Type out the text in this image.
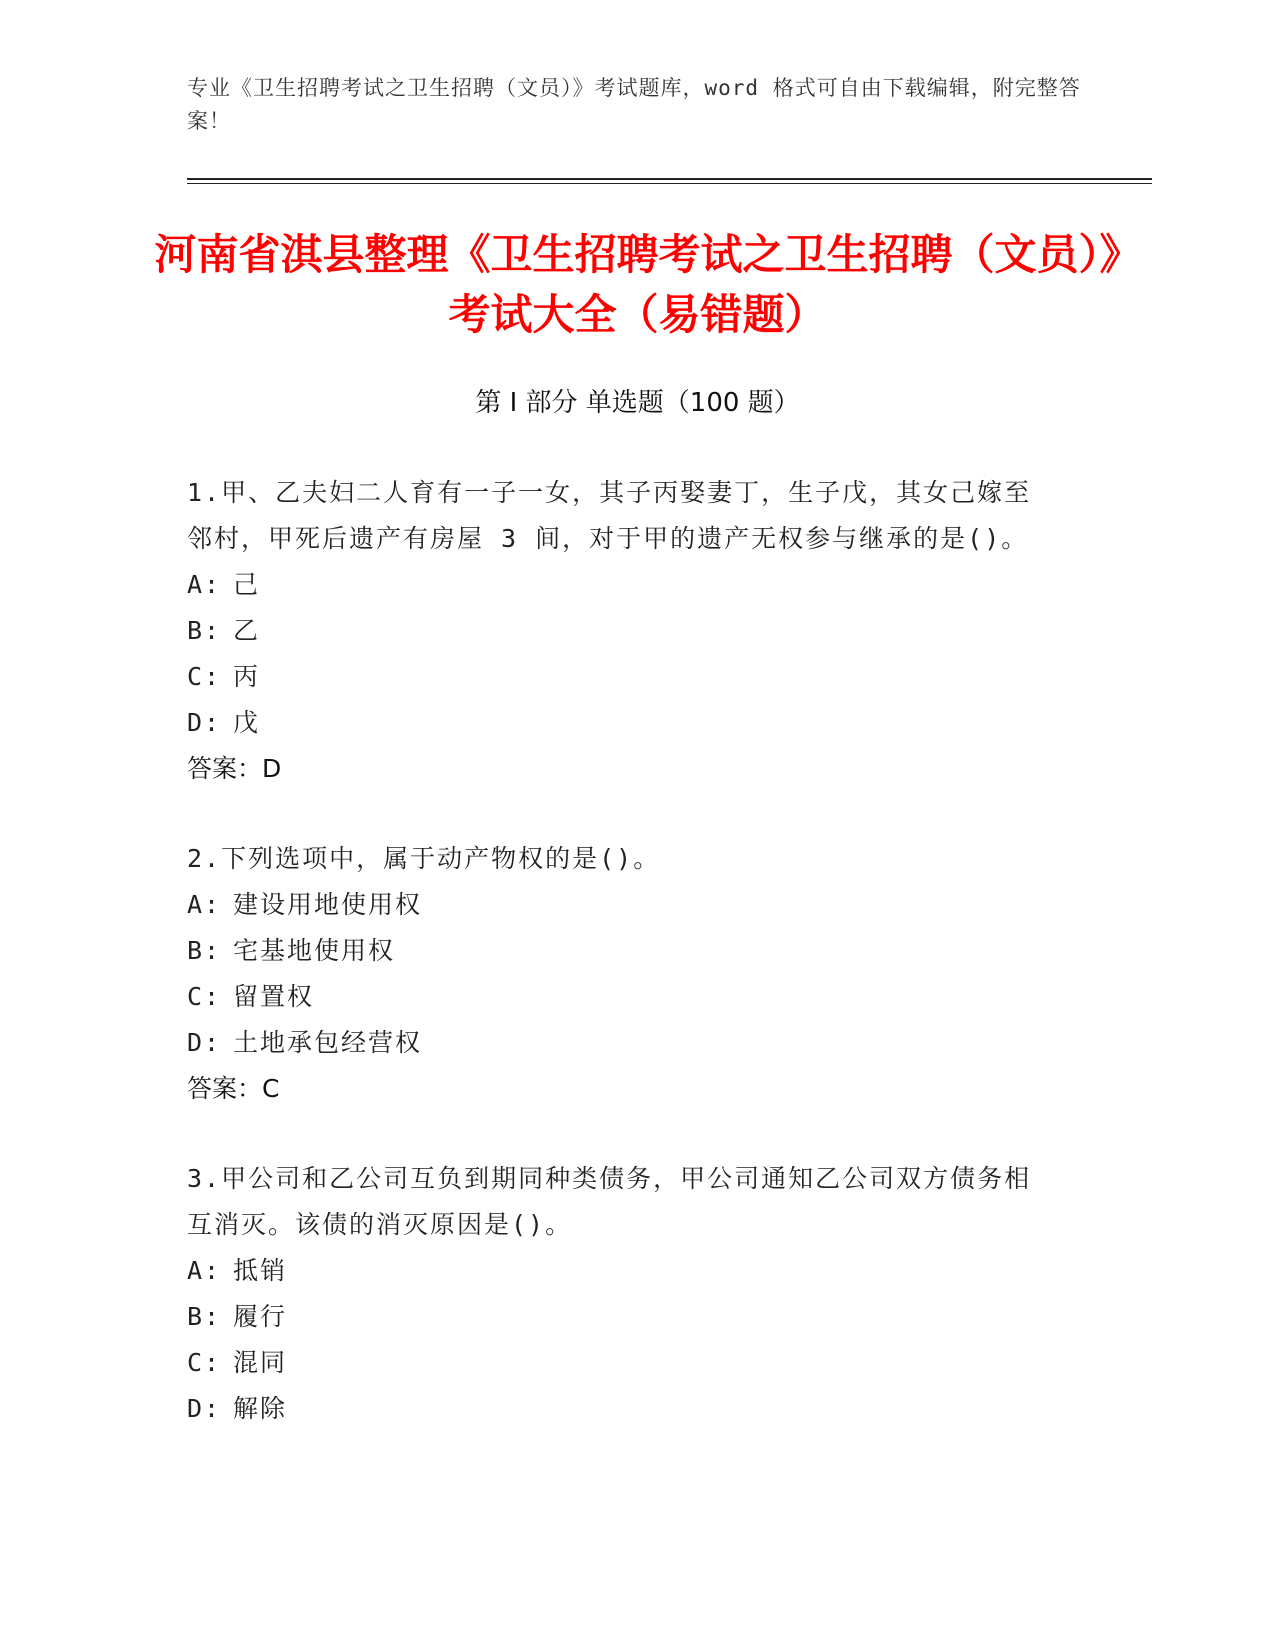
专业《卫生招聘考试之卫生招聘（文员）》考试题库，word 格式可自由下载编辑，附完整答案！
河南省淇县整理《卫生招聘考试之卫生招聘（文员）》考试大全（易错题）
第 I 部分 单选题（100 题）
1.甲、乙夫妇二人育有一子一女，其子丙娶妻丁，生子戊，其女己嫁至邻村，甲死后遗产有房屋 3 间，对于甲的遗产无权参与继承的是()。
A: 己
B: 乙
C: 丙
D: 戊
答案：D
2.下列选项中，属于动产物权的是()。
A: 建设用地使用权
B: 宅基地使用权
C: 留置权
D: 土地承包经营权
答案：C
3.甲公司和乙公司互负到期同种类债务，甲公司通知乙公司双方债务相互消灭。该债的消灭原因是()。
A: 抵销
B: 履行
C: 混同
D: 解除
